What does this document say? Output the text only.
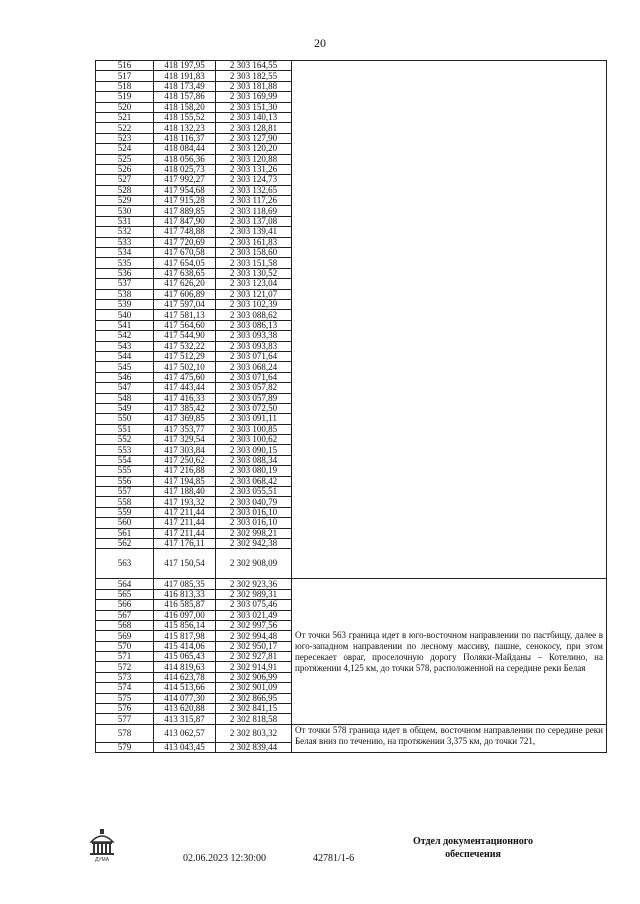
20
516	418 197,95	2 303 164,55	
517	418 191,83	2 303 182,55	
518	418 173,49	2 303 181,88	
519	418 157,86	2 303 169,99	
520	418 158,20	2 303 151,30	
521	418 155,52	2 303 140,13	
522	418 132,23	2 303 128,81	
523	418 116,37	2 303 127,90	
524	418 084,44	2 303 120,20	
525	418 056,36	2 303 120,88	
526	418 025,73	2 303 131,26	
527	417 992,27	2 303 124,73	
528	417 954,68	2 303 132,65	
529	417 915,28	2 303 117,26	
530	417 889,85	2 303 118,69	
531	417 847,90	2 303 137,08	
532	417 748,88	2 303 139,41	
533	417 720,69	2 303 161,83	
534	417 670,58	2 303 158,60	
535	417 654,05	2 303 151,58	
536	417 638,65	2 303 130,52	
537	417 626,20	2 303 123,04	
538	417 606,89	2 303 121,07	
539	417 597,04	2 303 102,39	
540	417 581,13	2 303 088,62	
541	417 564,60	2 303 086,13	
542	417 544,90	2 303 093,38	
543	417 532,22	2 303 093,83	
544	417 512,29	2 303 071,64	
545	417 502,10	2 303 068,24	
546	417 475,60	2 303 071,64	
547	417 443,44	2 303 057,82	
548	417 416,33	2 303 057,89	
549	417 385,42	2 303 072,50	
550	417 369,85	2 303 091,11	
551	417 353,77	2 303 100,85	
552	417 329,54	2 303 100,62	
553	417 303,84	2 303 090,15	
554	417 250,62	2 303 088,34	
555	417 216,88	2 303 080,19	
556	417 194,85	2 303 068,42	
557	417 188,40	2 303 055,51	
558	417 193,32	2 303 040,79	
559	417 211,44	2 303 016,10	
560	417 211,44	2 303 016,10	
561	417 211,44	2 302 998,21	
562	417 176,11	2 302 942,38	
563	417 150,54	2 302 908,09	
564	417 085,35	2 302 923,36	От точки 563 граница идет в юго-восточном направлении по пастбищу, далее в юго-западном направлении по лесному массиву, пашне, сенокосу, при этом пересекает овраг, проселочную дорогу Поляки-Майданы – Котелино, на протяжении 4,125 км, до точки 578, расположенной на середине реки Белая
565	416 813,33	2 302 989,31	
566	416 585,87	2 303 075,46	
567	416 097,00	2 303 021,49	
568	415 856,14	2 302 997,56	
569	415 817,98	2 302 994,48	
570	415 414,06	2 302 950,17	
571	415 065,43	2 302 927,81	
572	414 819,63	2 302 914,91	
573	414 623,78	2 302 906,99	
574	414 513,66	2 302 901,09	
575	414 077,30	2 302 866,95	
576	413 620,88	2 302 841,15	
577	413 315,87	2 302 818,58	
578	413 062,57	2 302 803,32	От точки 578 граница идет в общем, восточном направлении по середине реки Белая вниз по течению, на протяжении 3,375 км, до точки 721,
579	413 043,45	2 302 839,44	
ДУМА
Отдел документационного
обеспечения
02.06.2023 12:30:00	42781/1-6
